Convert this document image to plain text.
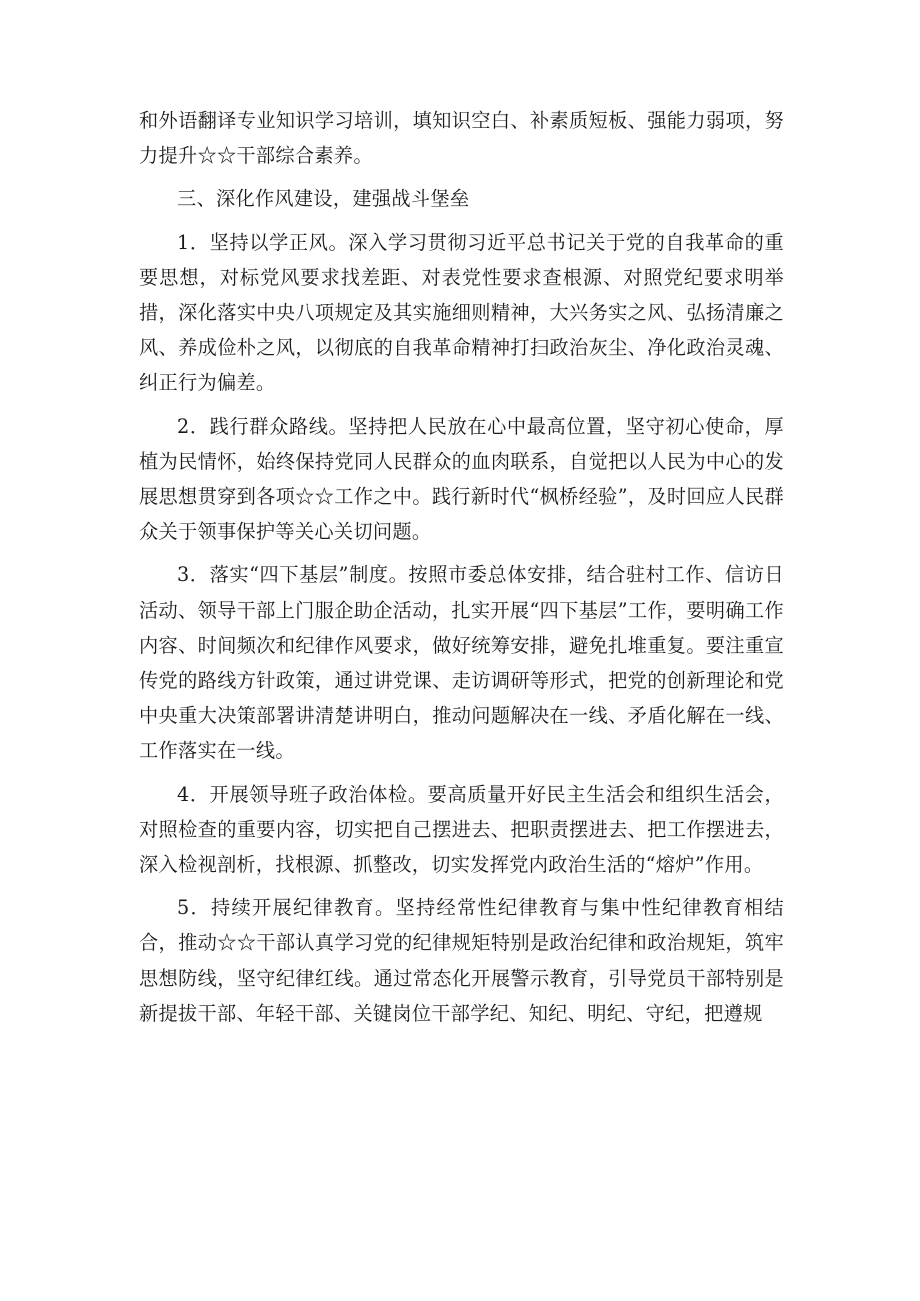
和外语翻译专业知识学习培训，填知识空白、补素质短板、强能力弱项，努力提升☆☆干部综合素养。

三、深化作风建设，建强战斗堡垒

1．坚持以学正风。深入学习贯彻习近平总书记关于党的自我革命的重要思想，对标党风要求找差距、对表党性要求查根源、对照党纪要求明举措，深化落实中央八项规定及其实施细则精神，大兴务实之风、弘扬清廉之风、养成俭朴之风，以彻底的自我革命精神打扫政治灰尘、净化政治灵魂、纠正行为偏差。

2．践行群众路线。坚持把人民放在心中最高位置，坚守初心使命，厚植为民情怀，始终保持党同人民群众的血肉联系，自觉把以人民为中心的发展思想贯穿到各项☆☆工作之中。践行新时代“枫桥经验”，及时回应人民群众关于领事保护等关心关切问题。

3．落实“四下基层”制度。按照市委总体安排，结合驻村工作、信访日活动、领导干部上门服企助企活动，扎实开展“四下基层”工作，要明确工作内容、时间频次和纪律作风要求，做好统筹安排，避免扎堆重复。要注重宣传党的路线方针政策，通过讲党课、走访调研等形式，把党的创新理论和党中央重大决策部署讲清楚讲明白，推动问题解决在一线、矛盾化解在一线、工作落实在一线。

4．开展领导班子政治体检。要高质量开好民主生活会和组织生活会，对照检查的重要内容，切实把自己摆进去、把职责摆进去、把工作摆进去，深入检视剖析，找根源、抓整改，切实发挥党内政治生活的“熔炉”作用。

5．持续开展纪律教育。坚持经常性纪律教育与集中性纪律教育相结合，推动☆☆干部认真学习党的纪律规矩特别是政治纪律和政治规矩，筑牢思想防线，坚守纪律红线。通过常态化开展警示教育，引导党员干部特别是新提拔干部、年轻干部、关键岗位干部学纪、知纪、明纪、守纪，把遵规
